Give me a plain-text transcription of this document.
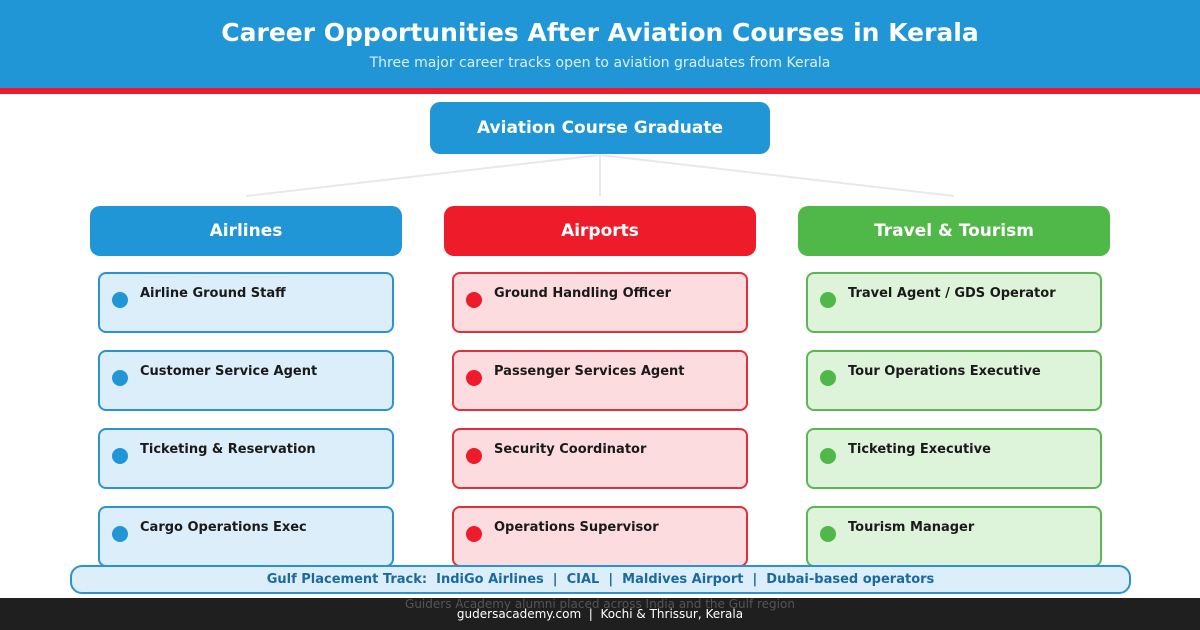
Career Opportunities After Aviation Courses in Kerala
Three major career tracks open to aviation graduates from Kerala
Aviation Course Graduate
Airlines
Airline Ground Staff
Customer Service Agent
Ticketing & Reservation
Cargo Operations Exec
Airports
Ground Handling Officer
Passenger Services Agent
Security Coordinator
Operations Supervisor
Travel & Tourism
Travel Agent / GDS Operator
Tour Operations Executive
Ticketing Executive
Tourism Manager
Gulf Placement Track:  IndiGo Airlines  |  CIAL  |  Maldives Airport  |  Dubai-based operators
Guiders Academy alumni placed across India and the Gulf region
gudersacademy.com  |  Kochi & Thrissur, Kerala
